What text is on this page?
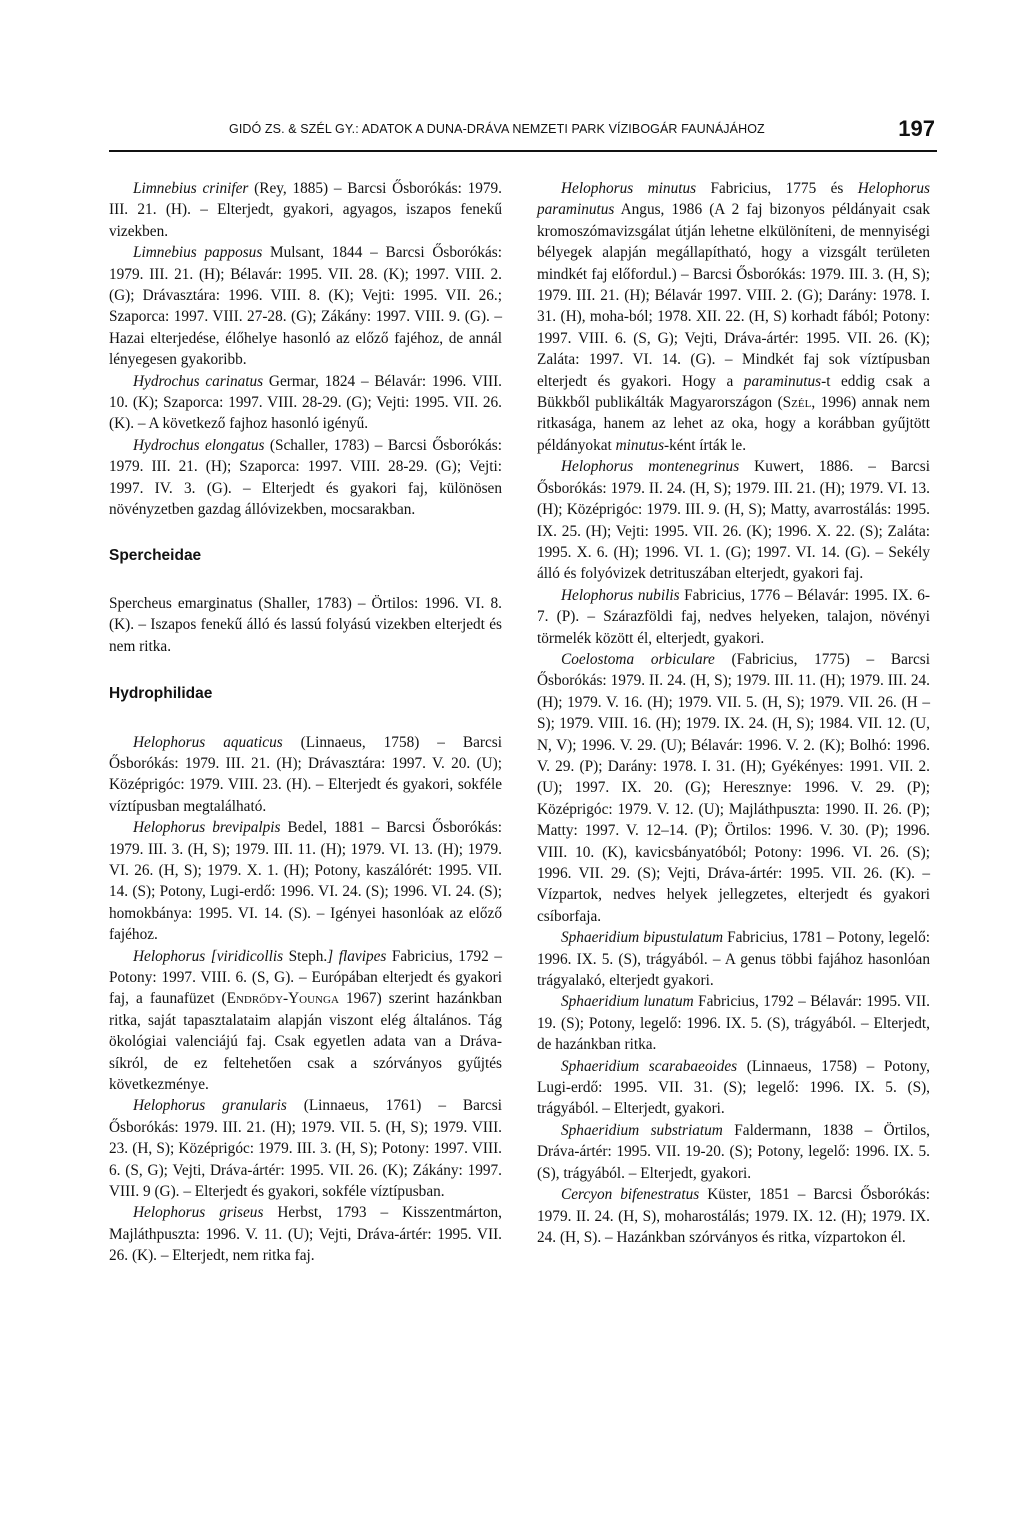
GIDÓ ZS. & SZÉL GY.: ADATOK A DUNA-DRÁVA NEMZETI PARK VÍZIBOGÁR FAUNÁJÁHOZ	197

Limnebius crinifer (Rey, 1885) – Barcsi Ősborókás: 1979. III. 21. (H). – Elterjedt, gyakori, agyagos, iszapos fenekű vizekben.

Limnebius papposus Mulsant, 1844 – Barcsi Ősborókás: 1979. III. 21. (H); Bélavár: 1995. VII. 28. (K); 1997. VIII. 2. (G); Drávasztára: 1996. VIII. 8. (K); Vejti: 1995. VII. 26.; Szaporca: 1997. VIII. 27-28. (G); Zákány: 1997. VIII. 9. (G). – Hazai elterjedése, élőhelye hasonló az előző fajéhoz, de annál lényegesen gyakoribb.

Hydrochus carinatus Germar, 1824 – Bélavár: 1996. VIII. 10. (K); Szaporca: 1997. VIII. 28-29. (G); Vejti: 1995. VII. 26. (K). – A következő fajhoz hasonló igényű.

Hydrochus elongatus (Schaller, 1783) – Barcsi Ősborókás: 1979. III. 21. (H); Szaporca: 1997. VIII. 28-29. (G); Vejti: 1997. IV. 3. (G). – Elterjedt és gyakori faj, különösen növényzetben gazdag állóvizekben, mocsarakban.

Spercheidae

Spercheus emarginatus (Shaller, 1783) – Örtilos: 1996. VI. 8. (K). – Iszapos fenekű álló és lassú folyású vizekben elterjedt és nem ritka.

Hydrophilidae

Helophorus aquaticus (Linnaeus, 1758) – Barcsi Ősborókás: 1979. III. 21. (H); Drávasztára: 1997. V. 20. (U); Középrigóc: 1979. VIII. 23. (H). – Elterjedt és gyakori, sokféle víztípusban megtalálható.

Helophorus brevipalpis Bedel, 1881 – Barcsi Ősborókás: 1979. III. 3. (H, S); 1979. III. 11. (H); 1979. VI. 13. (H); 1979. VI. 26. (H, S); 1979. X. 1. (H); Potony, kaszálórét: 1995. VII. 14. (S); Potony, Lugi-erdő: 1996. VI. 24. (S); 1996. VI. 24. (S); homokbánya: 1995. VI. 14. (S). – Igényei hasonlóak az előző fajéhoz.

Helophorus [viridicollis Steph.] flavipes Fabricius, 1792 – Potony: 1997. VIII. 6. (S, G). – Európában elterjedt és gyakori faj, a faunafüzet (Endrődy-Younga 1967) szerint hazánkban ritka, saját tapasztalataim alapján viszont elég általános. Tág ökológiai valenciájú faj. Csak egyetlen adata van a Dráva-síkról, de ez feltehetően csak a szórványos gyűjtés következménye.

Helophorus granularis (Linnaeus, 1761) – Barcsi Ősborókás: 1979. III. 21. (H); 1979. VII. 5. (H, S); 1979. VIII. 23. (H, S); Középrigóc: 1979. III. 3. (H, S); Potony: 1997. VIII. 6. (S, G); Vejti, Dráva-ártér: 1995. VII. 26. (K); Zákány: 1997. VIII. 9 (G). – Elterjedt és gyakori, sokféle víztípusban.

Helophorus griseus Herbst, 1793 – Kisszentmárton, Majláthpuszta: 1996. V. 11. (U); Vejti, Dráva-ártér: 1995. VII. 26. (K). – Elterjedt, nem ritka faj.

Helophorus minutus Fabricius, 1775 és Helophorus paraminutus Angus, 1986 (A 2 faj bizonyos példányait csak kromoszómavizsgálat útján lehetne elkülöníteni, de mennyiségi bélyegek alapján megállapítható, hogy a vizsgált területen mindkét faj előfordul.) – Barcsi Ősborókás: 1979. III. 3. (H, S); 1979. III. 21. (H); Bélavár 1997. VIII. 2. (G); Darány: 1978. I. 31. (H), moha-ból; 1978. XII. 22. (H, S) korhadt fából; Potony: 1997. VIII. 6. (S, G); Vejti, Dráva-ártér: 1995. VII. 26. (K); Zaláta: 1997. VI. 14. (G). – Mindkét faj sok víztípusban elterjedt és gyakori. Hogy a paraminutus-t eddig csak a Bükkből publikálták Magyarországon (Szél, 1996) annak nem ritkasága, hanem az lehet az oka, hogy a korábban gyűjtött példányokat minutus-ként írták le.

Helophorus montenegrinus Kuwert, 1886. – Barcsi Ősborókás: 1979. II. 24. (H, S); 1979. III. 21. (H); 1979. VI. 13. (H); Középrigóc: 1979. III. 9. (H, S); Matty, avarrostálás: 1995. IX. 25. (H); Vejti: 1995. VII. 26. (K); 1996. X. 22. (S); Zaláta: 1995. X. 6. (H); 1996. VI. 1. (G); 1997. VI. 14. (G). – Sekély álló és folyóvizek detrituszában elterjedt, gyakori faj.

Helophorus nubilis Fabricius, 1776 – Bélavár: 1995. IX. 6-7. (P). – Szárazföldi faj, nedves helyeken, talajon, növényi törmelék között él, elterjedt, gyakori.

Coelostoma orbiculare (Fabricius, 1775) – Barcsi Ősborókás: 1979. II. 24. (H, S); 1979. III. 11. (H); 1979. III. 24. (H); 1979. V. 16. (H); 1979. VII. 5. (H, S); 1979. VII. 26. (H –S); 1979. VIII. 16. (H); 1979. IX. 24. (H, S); 1984. VII. 12. (U, N, V); 1996. V. 29. (U); Bélavár: 1996. V. 2. (K); Bolhó: 1996. V. 29. (P); Darány: 1978. I. 31. (H); Gyékényes: 1991. VII. 2. (U); 1997. IX. 20. (G); Heresznye: 1996. V. 29. (P); Középrigóc: 1979. V. 12. (U); Majláthpuszta: 1990. II. 26. (P); Matty: 1997. V. 12–14. (P); Örtilos: 1996. V. 30. (P); 1996. VIII. 10. (K), kavicsbányatóból; Potony: 1996. VI. 26. (S); 1996. VII. 29. (S); Vejti, Dráva-ártér: 1995. VII. 26. (K). – Vízpartok, nedves helyek jellegzetes, elterjedt és gyakori csíborfaja.

Sphaeridium bipustulatum Fabricius, 1781 – Potony, legelő: 1996. IX. 5. (S), trágyából. – A genus többi fajához hasonlóan trágyalakó, elterjedt gyakori.

Sphaeridium lunatum Fabricius, 1792 – Bélavár: 1995. VII. 19. (S); Potony, legelő: 1996. IX. 5. (S), trágyából. – Elterjedt, de hazánkban ritka.

Sphaeridium scarabaeoides (Linnaeus, 1758) – Potony, Lugi-erdő: 1995. VII. 31. (S); legelő: 1996. IX. 5. (S), trágyából. – Elterjedt, gyakori.

Sphaeridium substriatum Faldermann, 1838 – Örtilos, Dráva-ártér: 1995. VII. 19-20. (S); Potony, legelő: 1996. IX. 5. (S), trágyából. – Elterjedt, gyakori.

Cercyon bifenestratus Küster, 1851 – Barcsi Ősborókás: 1979. II. 24. (H, S), moharostálás; 1979. IX. 12. (H); 1979. IX. 24. (H, S). – Hazánkban szórványos és ritka, vízpartokon él.
